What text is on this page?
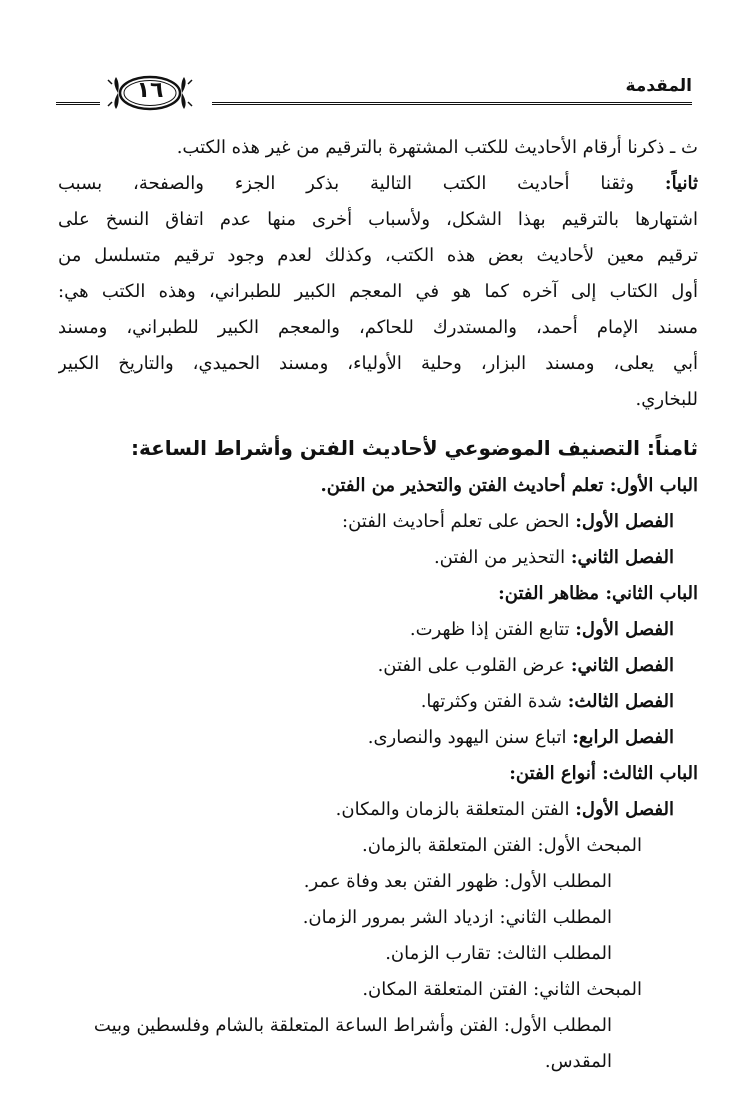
المقدمة
١٦
ث ـ ذكرنا أرقام الأحاديث للكتب المشتهرة بالترقيم من غير هذه الكتب.
ثانياً: وثقنا أحاديث الكتب التالية بذكر الجزء والصفحة، بسبب
اشتهارها بالترقيم بهذا الشكل، ولأسباب أخرى منها عدم اتفاق النسخ على
ترقيم معين لأحاديث بعض هذه الكتب، وكذلك لعدم وجود ترقيم متسلسل من
أول الكتاب إلى آخره كما هو في المعجم الكبير للطبراني، وهذه الكتب هي:
مسند الإمام أحمد، والمستدرك للحاكم، والمعجم الكبير للطبراني، ومسند
أبي يعلى، ومسند البزار، وحلية الأولياء، ومسند الحميدي، والتاريخ الكبير
للبخاري.
ثامناً: التصنيف الموضوعي لأحاديث الفتن وأشراط الساعة:
الباب الأول: تعلم أحاديث الفتن والتحذير من الفتن.
الفصل الأول: الحض على تعلم أحاديث الفتن:
الفصل الثاني: التحذير من الفتن.
الباب الثاني: مظاهر الفتن:
الفصل الأول: تتابع الفتن إذا ظهرت.
الفصل الثاني: عرض القلوب على الفتن.
الفصل الثالث: شدة الفتن وكثرتها.
الفصل الرابع: اتباع سنن اليهود والنصارى.
الباب الثالث: أنواع الفتن:
الفصل الأول: الفتن المتعلقة بالزمان والمكان.
المبحث الأول: الفتن المتعلقة بالزمان.
المطلب الأول: ظهور الفتن بعد وفاة عمر.
المطلب الثاني: ازدياد الشر بمرور الزمان.
المطلب الثالث: تقارب الزمان.
المبحث الثاني: الفتن المتعلقة المكان.
المطلب الأول: الفتن وأشراط الساعة المتعلقة بالشام وفلسطين وبيت
المقدس.
